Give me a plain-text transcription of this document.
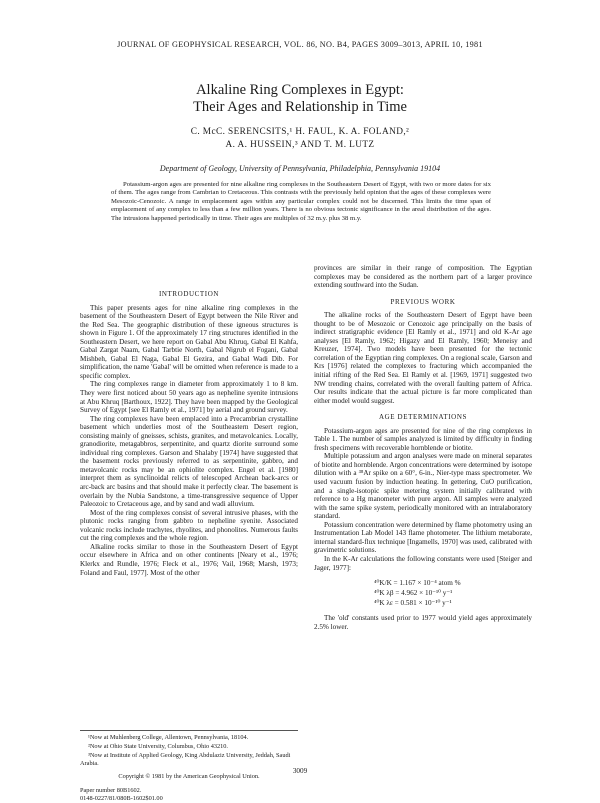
JOURNAL OF GEOPHYSICAL RESEARCH, VOL. 86, NO. B4, PAGES 3009–3013, APRIL 10, 1981
Alkaline Ring Complexes in Egypt:
Their Ages and Relationship in Time
C. McC. SERENCSITS,¹ H. FAUL, K. A. FOLAND,²
A. A. HUSSEIN,³ AND T. M. LUTZ
Department of Geology, University of Pennsylvania, Philadelphia, Pennsylvania 19104
Potassium-argon ages are presented for nine alkaline ring complexes in the Southeastern Desert of Egypt, with two or more dates for six of them. The ages range from Cambrian to Cretaceous. This contrasts with the previously held opinion that the ages of these complexes were Mesozoic-Cenozoic. A range in emplacement ages within any particular complex could not be discerned. This limits the time span of emplacement of any complex to less than a few million years. There is no obvious tectonic significance in the areal distribution of the ages. The intrusions happened periodically in time. Their ages are multiples of 32 m.y. plus 38 m.y.
INTRODUCTION

This paper presents ages for nine alkaline ring complexes in the basement of the Southeastern Desert of Egypt between the Nile River and the Red Sea. The geographic distribution of these igneous structures is shown in Figure 1. Of the approximately 17 ring structures identified in the Southeastern Desert, we here report on Gabal Abu Khruq, Gabal El Kahfa, Gabal Zargat Naam, Gabal Tarbtie North, Gabal Nigrub el Fogani, Gabal Mishbeh, Gabal El Naga, Gabal El Gezira, and Gabal Wadi Dib. For simplification, the name 'Gabal' will be omitted when reference is made to a specific complex.

The ring complexes range in diameter from approximately 1 to 8 km. They were first noticed about 50 years ago as nepheline syenite intrusions at Abu Khruq [Barthoux, 1922]. They have been mapped by the Geological Survey of Egypt [see El Ramly et al., 1971] by aerial and ground survey.

The ring complexes have been emplaced into a Precambrian crystalline basement which underlies most of the Southeastern Desert region, consisting mainly of gneisses, schists, granites, and metavolcanics. Locally, granodiorite, metagabbros, serpentinite, and quartz diorite surround some individual ring complexes. Garson and Shalaby [1974] have suggested that the basement rocks previously referred to as serpentinite, gabbro, and metavolcanic rocks may be an ophiolite complex. Engel et al. [1980] interpret them as synclinoidal relicts of telescoped Archean back-arcs or arc-back arc basins and that should make it perfectly clear. The basement is overlain by the Nubia Sandstone, a time-transgressive sequence of Upper Paleozoic to Cretaceous age, and by sand and wadi alluvium.

Most of the ring complexes consist of several intrusive phases, with the plutonic rocks ranging from gabbro to nepheline syenite. Associated volcanic rocks include trachytes, rhyolites, and phonolites. Numerous faults cut the ring complexes and the whole region.

Alkaline rocks similar to those in the Southeastern Desert of Egypt occur elsewhere in Africa and on other continents [Neary et al., 1976; Klerkx and Rundle, 1976; Fleck et al., 1976; Vail, 1968; Marsh, 1973; Foland and Faul, 1977]. Most of the other

provinces are similar in their range of composition. The Egyptian complexes may be considered as the northern part of a larger province extending southward into the Sudan.

PREVIOUS WORK

The alkaline rocks of the Southeastern Desert of Egypt have been thought to be of Mesozoic or Cenozoic age principally on the basis of indirect stratigraphic evidence [El Ramly et al., 1971] and old K-Ar age analyses [El Ramly, 1962; Higazy and El Ramly, 1960; Meneisy and Kreuzer, 1974]. Two models have been presented for the tectonic correlation of the Egyptian ring complexes. On a regional scale, Garson and Krs [1976] related the complexes to fracturing which accompanied the initial rifting of the Red Sea. El Ramly et al. [1969, 1971] suggested two NW trending chains, correlated with the overall faulting pattern of Africa. Our results indicate that the actual picture is far more complicated than either model would suggest.

AGE DETERMINATIONS

Potassium-argon ages are presented for nine of the ring complexes in Table 1. The number of samples analyzed is limited by difficulty in finding fresh specimens with recoverable hornblende or biotite.

Multiple potassium and argon analyses were made on mineral separates of biotite and hornblende. Argon concentrations were determined by isotope dilution with a ³⁸Ar spike on a 60°, 6-in., Nier-type mass spectrometer. We used vacuum fusion by induction heating. In gettering, CuO purification, and a single-isotopic spike metering system initially calibrated with reference to a Hg manometer with pure argon. All samples were analyzed with the same spike system, periodically monitored with an intralaboratory standard.

Potassium concentration were determined by flame photometry using an Instrumentation Lab Model 143 flame photometer. The lithium metaborate, internal standard-flux technique [Ingamells, 1970] was used, calibrated with gravimetric solutions.

In the K-Ar calculations the following constants were used [Steiger and Jager, 1977]:

⁴⁰K/K = 1.167 × 10⁻⁴ atom %
⁴⁰K λβ = 4.962 × 10⁻¹⁰ y⁻¹
⁴⁰K λε = 0.581 × 10⁻¹⁰ y⁻¹

The 'old' constants used prior to 1977 would yield ages approximately 2.5% lower.

¹Now at Muhlenberg College, Allentown, Pennsylvania, 18104.
²Now at Ohio State University, Columbus, Ohio 43210.
³Now at Institute of Applied Geology, King Abdulaziz University, Jeddah, Saudi Arabia.
Copyright © 1981 by the American Geophysical Union.
Paper number 80B1602.
0148-0227/81/080B-1602$01.00
3009
